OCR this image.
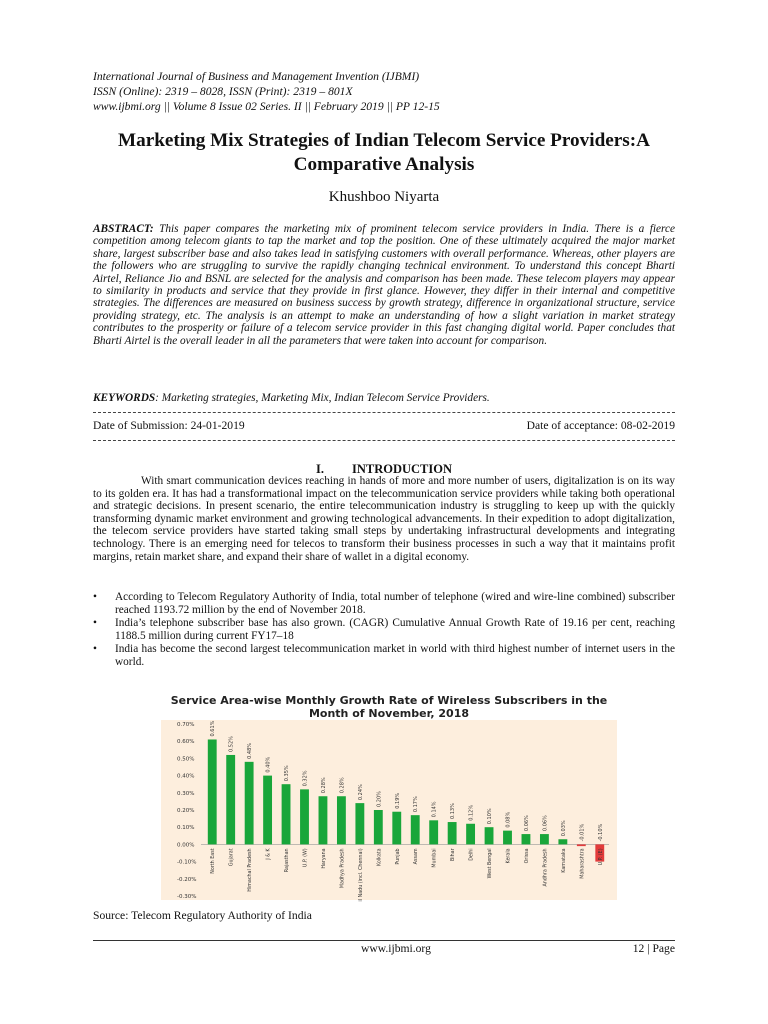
International Journal of Business and Management Invention (IJBMI)
ISSN (Online): 2319 – 8028, ISSN (Print): 2319 – 801X
www.ijbmi.org || Volume 8 Issue 02 Series. II || February 2019 || PP 12-15
Marketing Mix Strategies of Indian Telecom Service Providers:A
Comparative Analysis
Khushboo Niyarta
ABSTRACT: This paper compares the marketing mix of prominent telecom service providers in India. There is a fierce competition among telecom giants to tap the market and top the position. One of these ultimately acquired the major market share, largest subscriber base and also takes lead in satisfying customers with overall performance. Whereas, other players are the followers who are struggling to survive the rapidly changing technical environment. To understand this concept Bharti Airtel, Reliance Jio and BSNL are selected for the analysis and comparison has been made. These telecom players may appear to similarity in products and service that they provide in first glance. However, they differ in their internal and competitive strategies. The differences are measured on business success by growth strategy, difference in organizational structure, service providing strategy, etc. The analysis is an attempt to make an understanding of how a slight variation in market strategy contributes to the prosperity or failure of a telecom service provider in this fast changing digital world. Paper concludes that Bharti Airtel is the overall leader in all the parameters that were taken into account for comparison.
KEYWORDS: Marketing strategies, Marketing Mix, Indian Telecom Service Providers.
Date of Submission: 24-01-2019	Date of acceptance: 08-02-2019
I. INTRODUCTION
With smart communication devices reaching in hands of more and more number of users, digitalization is on its way to its golden era. It has had a transformational impact on the telecommunication service providers while taking both operational and strategic decisions. In present scenario, the entire telecommunication industry is struggling to keep up with the quickly transforming dynamic market environment and growing technological advancements. In their expedition to adopt digitalization, the telecom service providers have started taking small steps by undertaking infrastructural developments and integrating technology. There is an emerging need for telecos to transform their business processes in such a way that it maintains profit margins, retain market share, and expand their share of wallet in a digital economy.
• According to Telecom Regulatory Authority of India, total number of telephone (wired and wire-line combined) subscriber reached 1193.72 million by the end of November 2018.
• India’s telephone subscriber base has also grown. (CAGR) Cumulative Annual Growth Rate of 19.16 per cent, reaching 1188.5 million during current FY17–18
• India has become the second largest telecommunication market in world with third highest number of internet users in the world.
Service Area-wise Monthly Growth Rate of Wireless Subscribers in the
Month of November, 2018
0.70%
0.60%
0.50%
0.40%
0.30%
0.20%
0.10%
0.00%
-0.10%
-0.20%
-0.30%
0.61%
North East
0.52%
Gujarat
0.48%
Himachal Pradesh
0.40%
J & K
0.35%
Rajasthan
0.32%
U.P. (W)
0.28%
Haryana
0.28%
Madhya Pradesh
0.24%
Tamil Nadu (incl. Chennai)
0.20%
Kolkata
0.19%
Punjab
0.17%
Assam
0.14%
Mumbai
0.13%
Bihar
0.12%
Delhi
0.10%
West Bengal
0.08%
Kerala
0.06%
Orissa
0.06%
Andhra Pradesh
0.03%
Karnataka
-0.01%
Maharashtra
-0.10%
U.P. (E)
Source: Telecom Regulatory Authority of India
www.ijbmi.org	12 | Page
